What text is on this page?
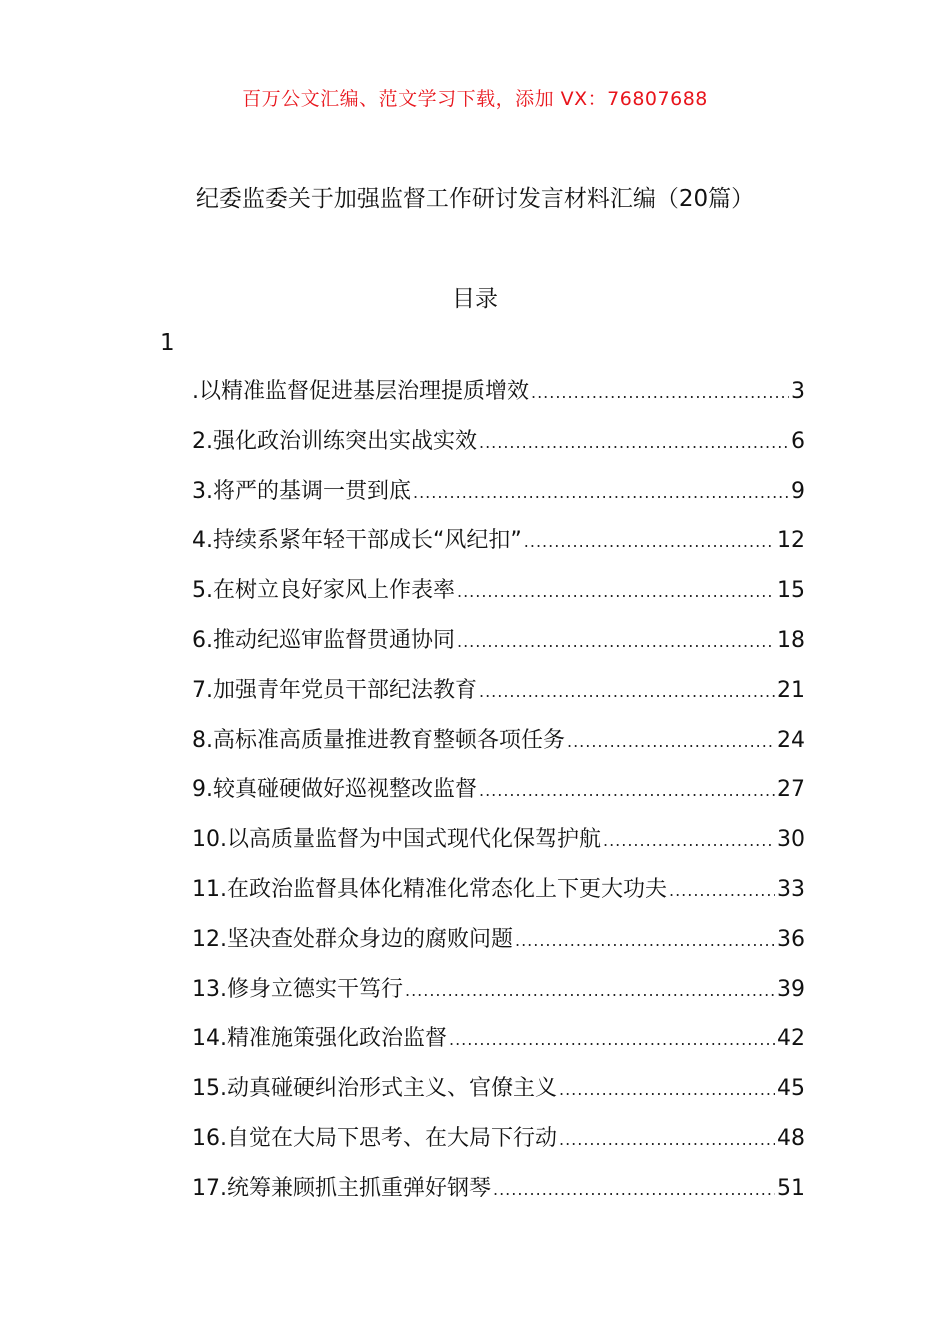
百万公文汇编、范文学习下载，添加 VX：76807688
纪委监委关于加强监督工作研讨发言材料汇编（20篇）
目录
1
.以精准监督促进基层治理提质增效 .....	3
2.强化政治训练突出实战实效 .....	6
3.将严的基调一贯到底 .....	9
4.持续系紧年轻干部成长“风纪扣” .....	12
5.在树立良好家风上作表率 .....	15
6.推动纪巡审监督贯通协同 .....	18
7.加强青年党员干部纪法教育 .....	21
8.高标准高质量推进教育整顿各项任务 .....	24
9.较真碰硬做好巡视整改监督 .....	27
10.以高质量监督为中国式现代化保驾护航 .....	30
11.在政治监督具体化精准化常态化上下更大功夫 .....	33
12.坚决查处群众身边的腐败问题 .....	36
13.修身立德实干笃行 .....	39
14.精准施策强化政治监督 .....	42
15.动真碰硬纠治形式主义、官僚主义 .....	45
16.自觉在大局下思考、在大局下行动 .....	48
17.统筹兼顾抓主抓重弹好钢琴 .....	51
